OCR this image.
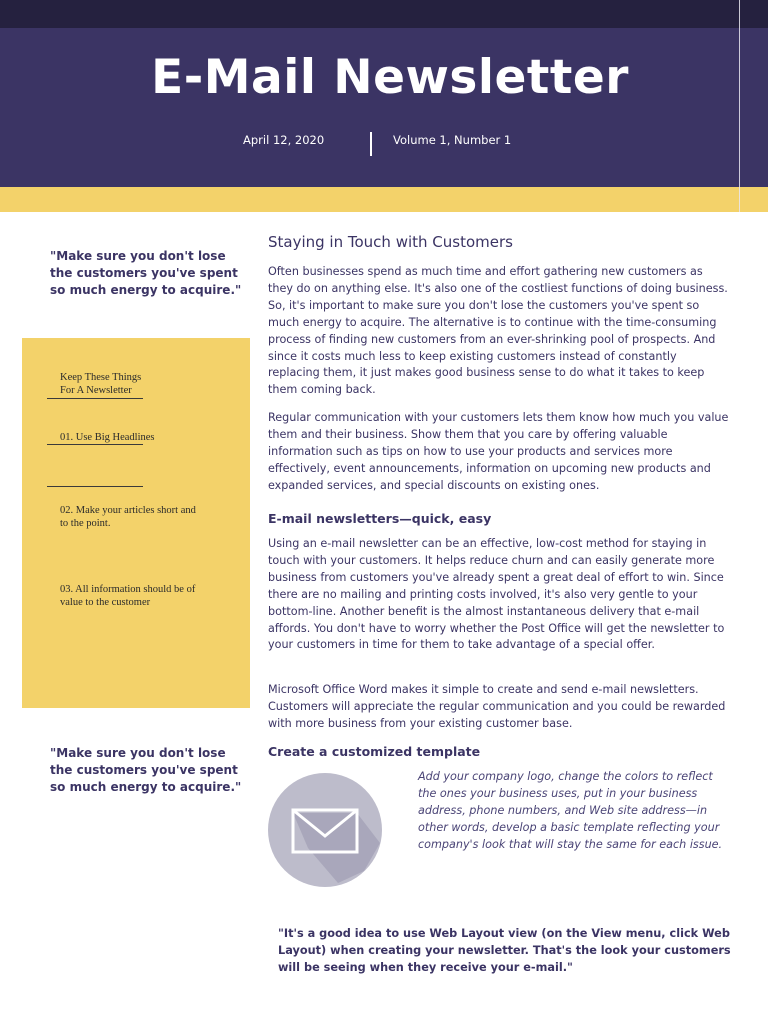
E-Mail Newsletter
April 12, 2020	Volume 1, Number 1

"Make sure you don't lose the customers you've spent so much energy to acquire."

Keep These Things
For A Newsletter
01. Use Big Headlines
02. Make your articles short and
to the point.
03. All information should be of
value to the customer

"Make sure you don't lose the customers you've spent so much energy to acquire."

Staying in Touch with Customers

Often businesses spend as much time and effort gathering new customers as they do on anything else. It's also one of the costliest functions of doing business. So, it's important to make sure you don't lose the customers you've spent so much energy to acquire. The alternative is to continue with the time-consuming process of finding new customers from an ever-shrinking pool of prospects. And since it costs much less to keep existing customers instead of constantly replacing them, it just makes good business sense to do what it takes to keep them coming back.

Regular communication with your customers lets them know how much you value them and their business. Show them that you care by offering valuable information such as tips on how to use your products and services more effectively, event announcements, information on upcoming new products and expanded services, and special discounts on existing ones.

E-mail newsletters—quick, easy

Using an e-mail newsletter can be an effective, low-cost method for staying in touch with your customers. It helps reduce churn and can easily generate more business from customers you've already spent a great deal of effort to win. Since there are no mailing and printing costs involved, it's also very gentle to your bottom-line. Another benefit is the almost instantaneous delivery that e-mail affords. You don't have to worry whether the Post Office will get the newsletter to your customers in time for them to take advantage of a special offer.

Microsoft Office Word makes it simple to create and send e-mail newsletters. Customers will appreciate the regular communication and you could be rewarded with more business from your existing customer base.

Create a customized template

Add your company logo, change the colors to reflect the ones your business uses, put in your business address, phone numbers, and Web site address—in other words, develop a basic template reflecting your company's look that will stay the same for each issue.

"It's a good idea to use Web Layout view (on the View menu, click Web Layout) when creating your newsletter. That's the look your customers will be seeing when they receive your e-mail."
